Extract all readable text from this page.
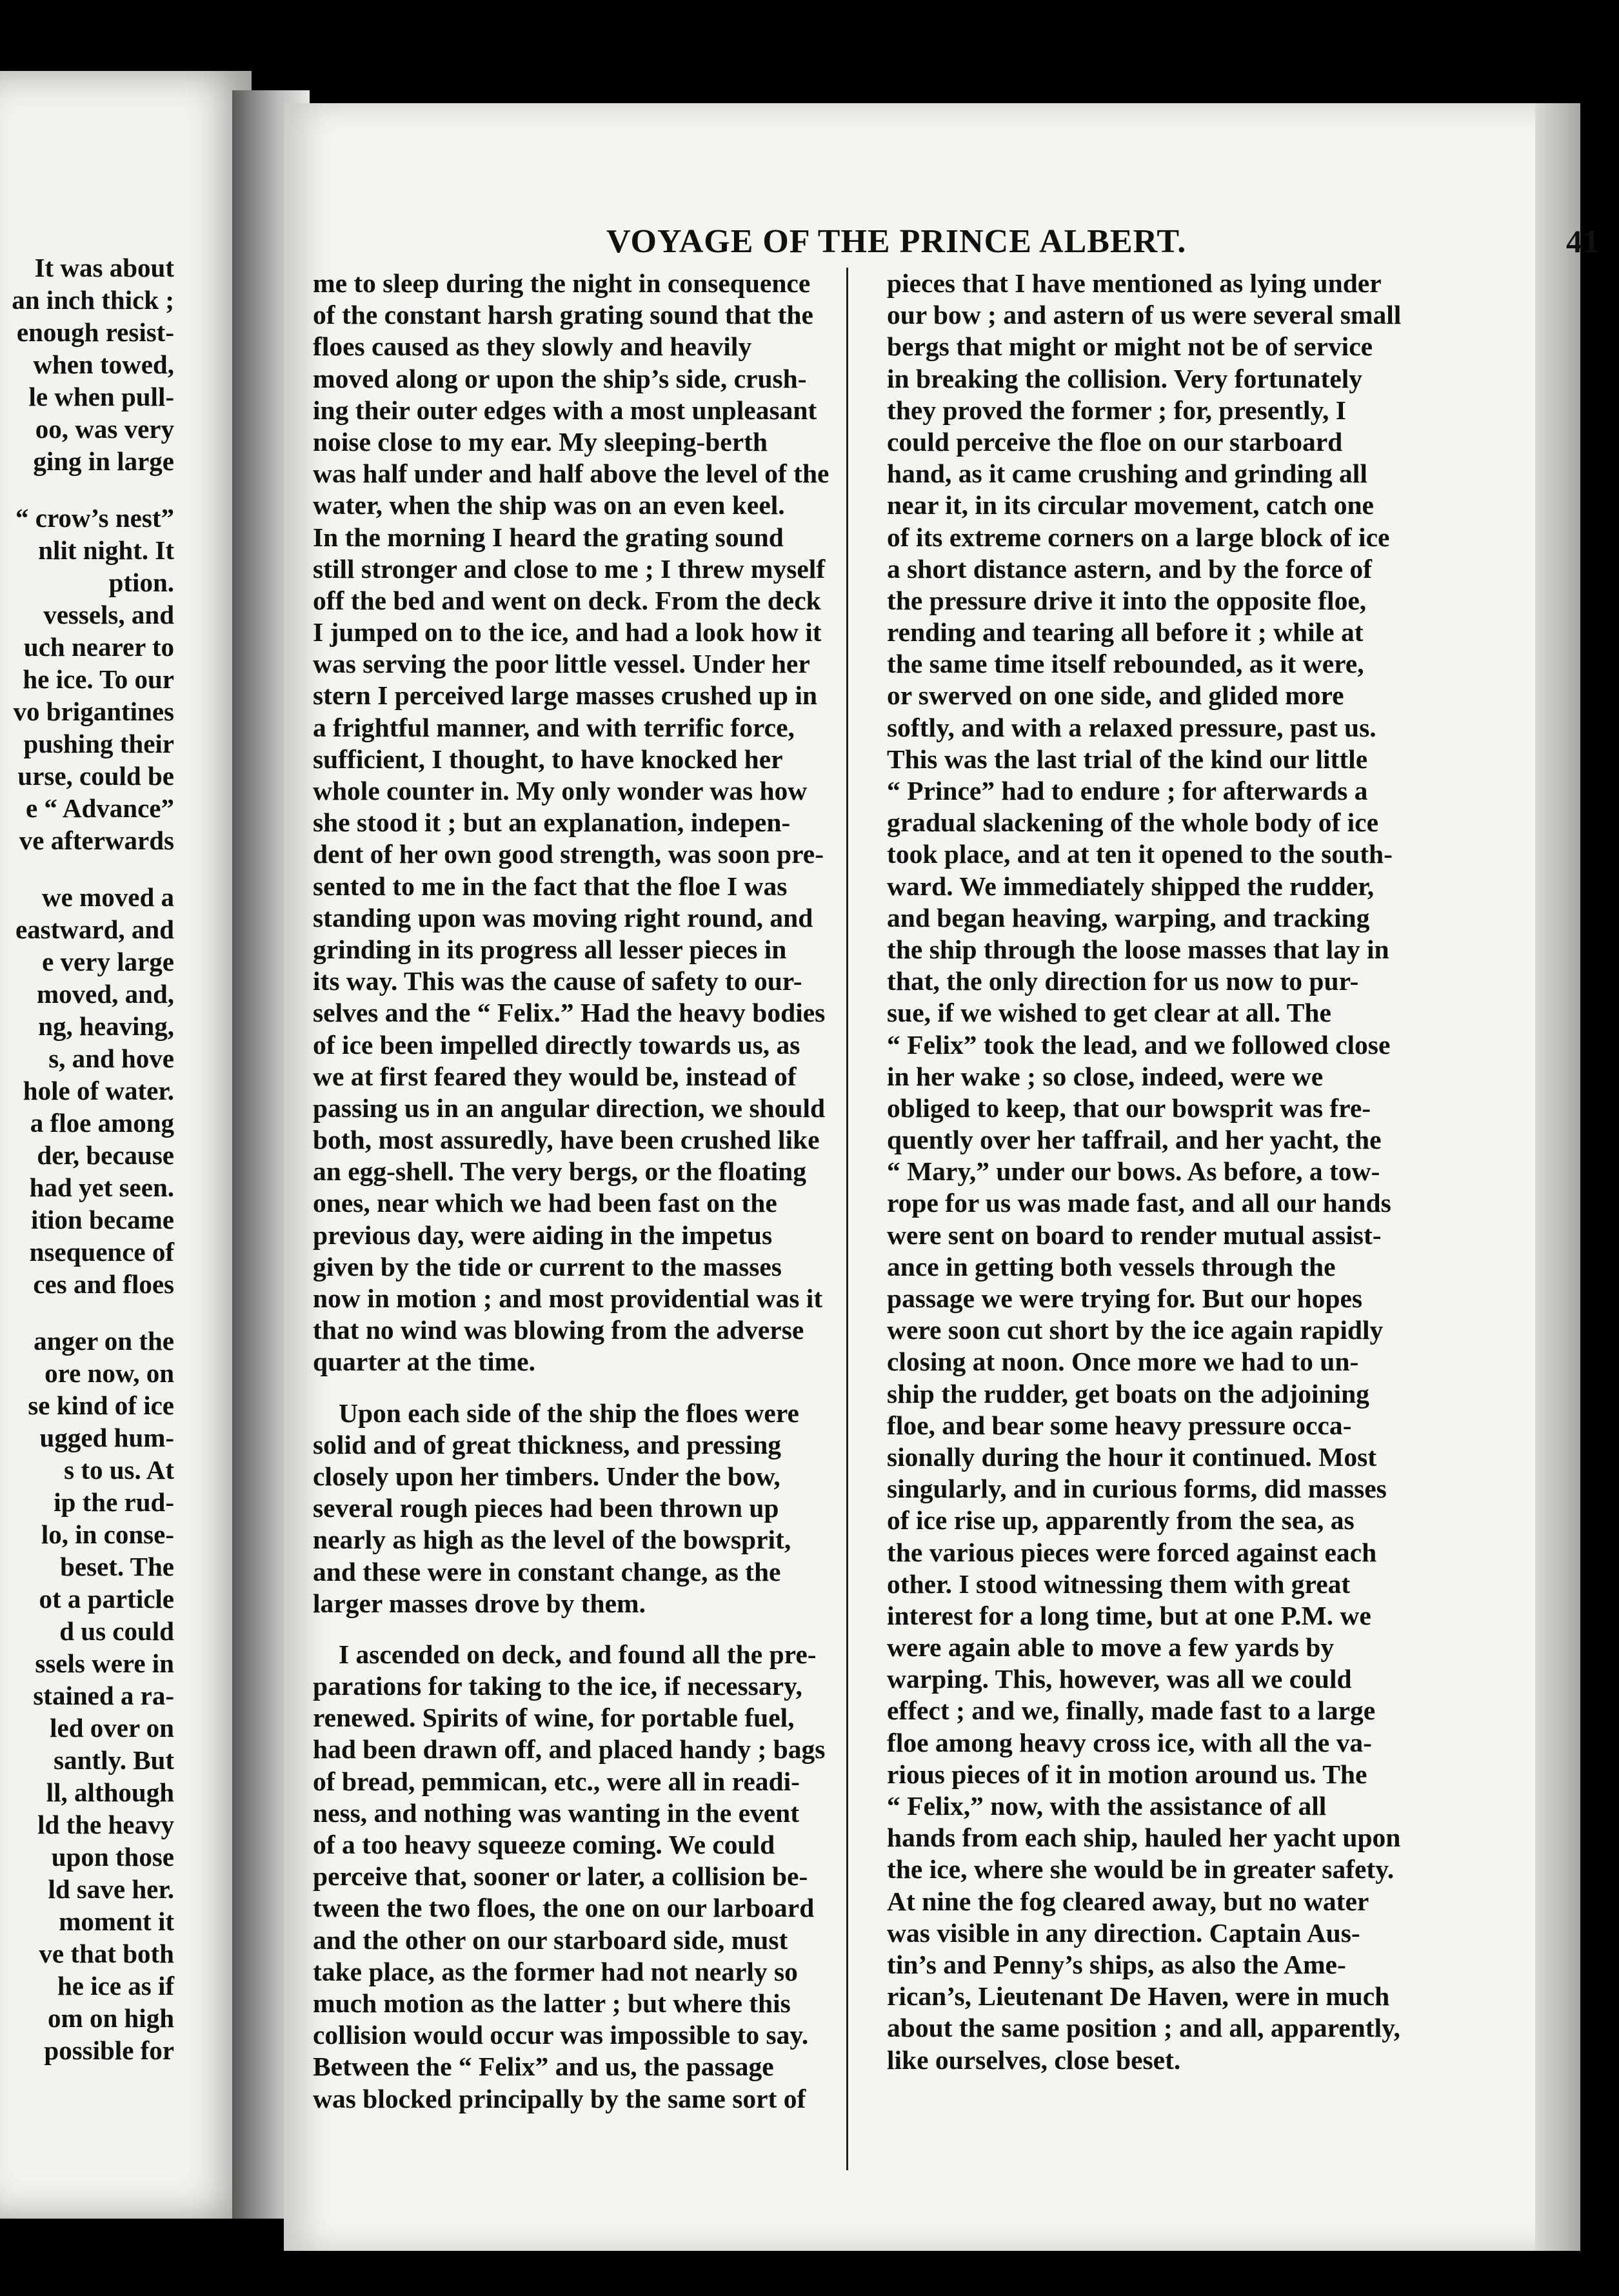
It was about
an inch thick ;
enough resist-
when towed,
le when pull-
oo, was very
ging in large
“ crow’s nest”
nlit night. It
ption.
vessels, and
uch nearer to
he ice. To our
vo brigantines
pushing their
urse, could be
e “ Advance”
ve afterwards
we moved a
eastward, and
e very large
moved, and,
ng, heaving,
s, and hove
hole of water.
a floe among
der, because
had yet seen.
ition became
nsequence of
ces and floes
anger on the
ore now, on
se kind of ice
ugged hum-
s to us. At
ip the rud-
lo, in conse-
beset. The
ot a particle
d us could
ssels were in
stained a ra-
led over on
santly. But
ll, although
ld the heavy
upon those
ld save her.
moment it
ve that both
he ice as if
om on high
possible for
VOYAGE OF THE PRINCE ALBERT.	41
me to sleep during the night in consequence
of the constant harsh grating sound that the
floes caused as they slowly and heavily
moved along or upon the ship’s side, crush-
ing their outer edges with a most unpleasant
noise close to my ear. My sleeping-berth
was half under and half above the level of the
water, when the ship was on an even keel.
In the morning I heard the grating sound
still stronger and close to me ; I threw myself
off the bed and went on deck. From the deck
I jumped on to the ice, and had a look how it
was serving the poor little vessel. Under her
stern I perceived large masses crushed up in
a frightful manner, and with terrific force,
sufficient, I thought, to have knocked her
whole counter in. My only wonder was how
she stood it ; but an explanation, indepen-
dent of her own good strength, was soon pre-
sented to me in the fact that the floe I was
standing upon was moving right round, and
grinding in its progress all lesser pieces in
its way. This was the cause of safety to our-
selves and the “ Felix.” Had the heavy bodies
of ice been impelled directly towards us, as
we at first feared they would be, instead of
passing us in an angular direction, we should
both, most assuredly, have been crushed like
an egg-shell. The very bergs, or the floating
ones, near which we had been fast on the
previous day, were aiding in the impetus
given by the tide or current to the masses
now in motion ; and most providential was it
that no wind was blowing from the adverse
quarter at the time.
Upon each side of the ship the floes were
solid and of great thickness, and pressing
closely upon her timbers. Under the bow,
several rough pieces had been thrown up
nearly as high as the level of the bowsprit,
and these were in constant change, as the
larger masses drove by them.
I ascended on deck, and found all the pre-
parations for taking to the ice, if necessary,
renewed. Spirits of wine, for portable fuel,
had been drawn off, and placed handy ; bags
of bread, pemmican, etc., were all in readi-
ness, and nothing was wanting in the event
of a too heavy squeeze coming. We could
perceive that, sooner or later, a collision be-
tween the two floes, the one on our larboard
and the other on our starboard side, must
take place, as the former had not nearly so
much motion as the latter ; but where this
collision would occur was impossible to say.
Between the “ Felix” and us, the passage
was blocked principally by the same sort of
pieces that I have mentioned as lying under
our bow ; and astern of us were several small
bergs that might or might not be of service
in breaking the collision. Very fortunately
they proved the former ; for, presently, I
could perceive the floe on our starboard
hand, as it came crushing and grinding all
near it, in its circular movement, catch one
of its extreme corners on a large block of ice
a short distance astern, and by the force of
the pressure drive it into the opposite floe,
rending and tearing all before it ; while at
the same time itself rebounded, as it were,
or swerved on one side, and glided more
softly, and with a relaxed pressure, past us.
This was the last trial of the kind our little
“ Prince” had to endure ; for afterwards a
gradual slackening of the whole body of ice
took place, and at ten it opened to the south-
ward. We immediately shipped the rudder,
and began heaving, warping, and tracking
the ship through the loose masses that lay in
that, the only direction for us now to pur-
sue, if we wished to get clear at all. The
“ Felix” took the lead, and we followed close
in her wake ; so close, indeed, were we
obliged to keep, that our bowsprit was fre-
quently over her taffrail, and her yacht, the
“ Mary,” under our bows. As before, a tow-
rope for us was made fast, and all our hands
were sent on board to render mutual assist-
ance in getting both vessels through the
passage we were trying for. But our hopes
were soon cut short by the ice again rapidly
closing at noon. Once more we had to un-
ship the rudder, get boats on the adjoining
floe, and bear some heavy pressure occa-
sionally during the hour it continued. Most
singularly, and in curious forms, did masses
of ice rise up, apparently from the sea, as
the various pieces were forced against each
other. I stood witnessing them with great
interest for a long time, but at one P.M. we
were again able to move a few yards by
warping. This, however, was all we could
effect ; and we, finally, made fast to a large
floe among heavy cross ice, with all the va-
rious pieces of it in motion around us. The
“ Felix,” now, with the assistance of all
hands from each ship, hauled her yacht upon
the ice, where she would be in greater safety.
At nine the fog cleared away, but no water
was visible in any direction. Captain Aus-
tin’s and Penny’s ships, as also the Ame-
rican’s, Lieutenant De Haven, were in much
about the same position ; and all, apparently,
like ourselves, close beset.
